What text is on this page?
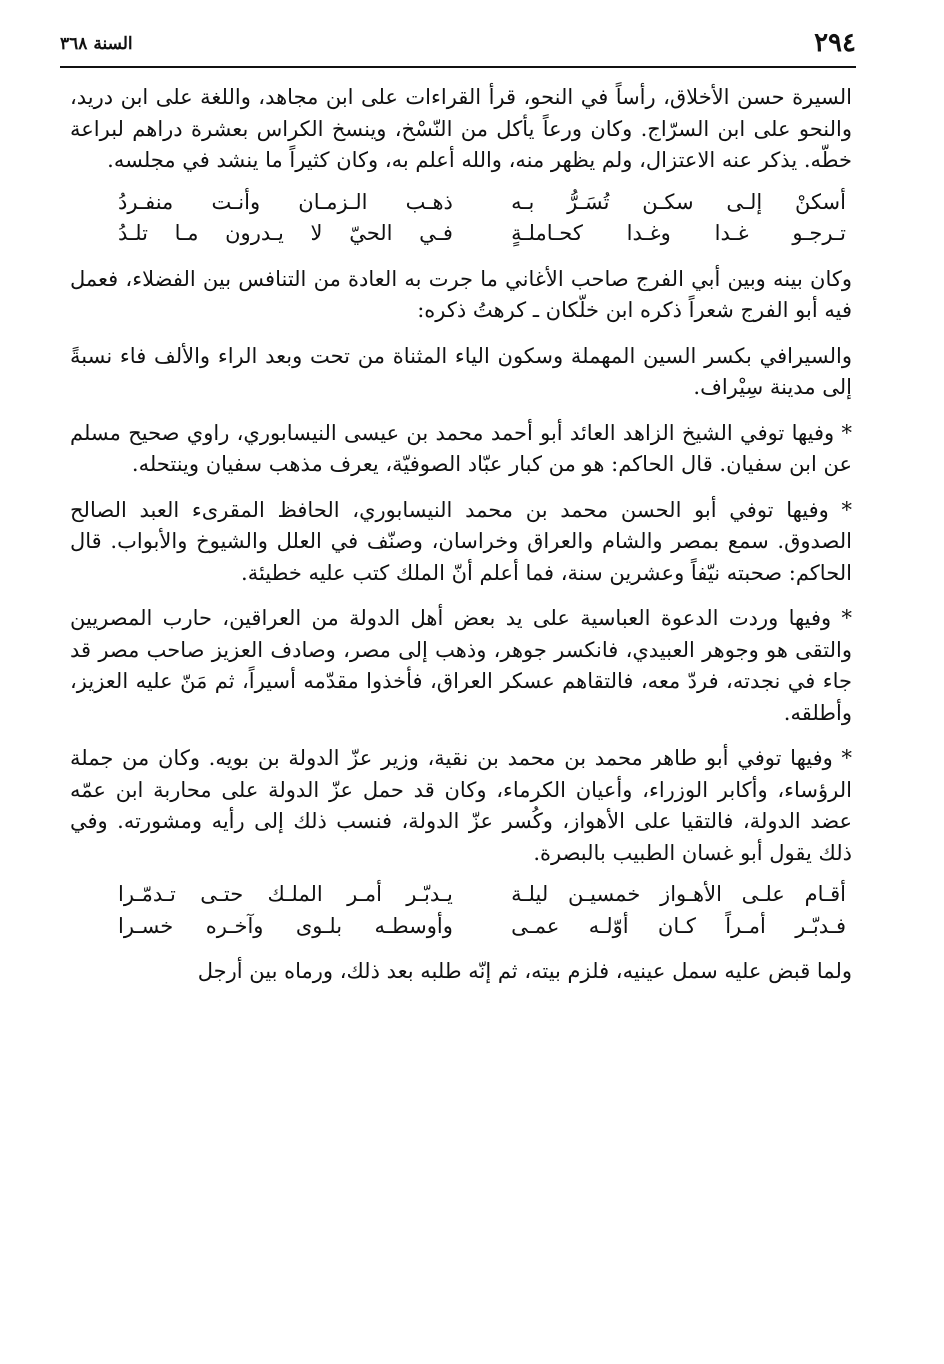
٢٩٤
السنة ٣٦٨

السيرة حسن الأخلاق، رأساً في النحو، قرأ القراءات على ابن مجاهد، واللغة على ابن دريد، والنحو على ابن السرّاج. وكان ورعاً يأكل من النّسْخ، وينسخ الكراس بعشرة دراهم لبراعة خطّه. يذكر عنه الاعتزال، ولم يظهر منه، والله أعلم به، وكان كثيراً ما ينشد في مجلسه.

أسكنْ إلـى سكـن تُسَـرُّ بـه
ذهـب الـزمـان وأنـت منفـردُ
تـرجـو غـدا وغـدا كحـاملـةٍ
فـي الحيّ لا يـدرون مـا تلـدُ

وكان بينه وبين أبي الفرج صاحب الأغاني ما جرت به العادة من التنافس بين الفضلاء، فعمل فيه أبو الفرج شعراً ذكره ابن خلّكان ـ كرهتُ ذكره:

والسيرافي بكسر السين المهملة وسكون الياء المثناة من تحت وبعد الراء والألف فاء نسبةً إلى مدينة سِيْراف.

* وفيها توفي الشيخ الزاهد العائد أبو أحمد محمد بن عيسى النيسابوري، راوي صحيح مسلم عن ابن سفيان. قال الحاكم: هو من كبار عبّاد الصوفيّة، يعرف مذهب سفيان وينتحله.

* وفيها توفي أبو الحسن محمد بن محمد النيسابوري، الحافظ المقرىء العبد الصالح الصدوق. سمع بمصر والشام والعراق وخراسان، وصنّف في العلل والشيوخ والأبواب. قال الحاكم: صحبته نيّفاً وعشرين سنة، فما أعلم أنّ الملك كتب عليه خطيئة.

* وفيها وردت الدعوة العباسية على يد بعض أهل الدولة من العراقين، حارب المصريين والتقى هو وجوهر العبيدي، فانكسر جوهر، وذهب إلى مصر، وصادف العزيز صاحب مصر قد جاء في نجدته، فردّ معه، فالتقاهم عسكر العراق، فأخذوا مقدّمه أسيراً، ثم مَنّ عليه العزيز، وأطلقه.

* وفيها توفي أبو طاهر محمد بن محمد بن نقية، وزير عزّ الدولة بن بويه. وكان من جملة الرؤساء، وأكابر الوزراء، وأعيان الكرماء، وكان قد حمل عزّ الدولة على محاربة ابن عمّه عضد الدولة، فالتقيا على الأهواز، وكُسر عزّ الدولة، فنسب ذلك إلى رأيه ومشورته. وفي ذلك يقول أبو غسان الطبيب بالبصرة.

أقـام علـى الأهـواز خمسيـن ليلـة
يـدبّـر أمـر الملـك حتـى تـدمّـرا
فـدبّـر أمـراً كـان أوّلـه عمـى
وأوسطـه بلـوى وآخـره خسـرا

ولما قبض عليه سمل عينيه، فلزم بيته، ثم إنّه طلبه بعد ذلك، ورماه بين أرجل
